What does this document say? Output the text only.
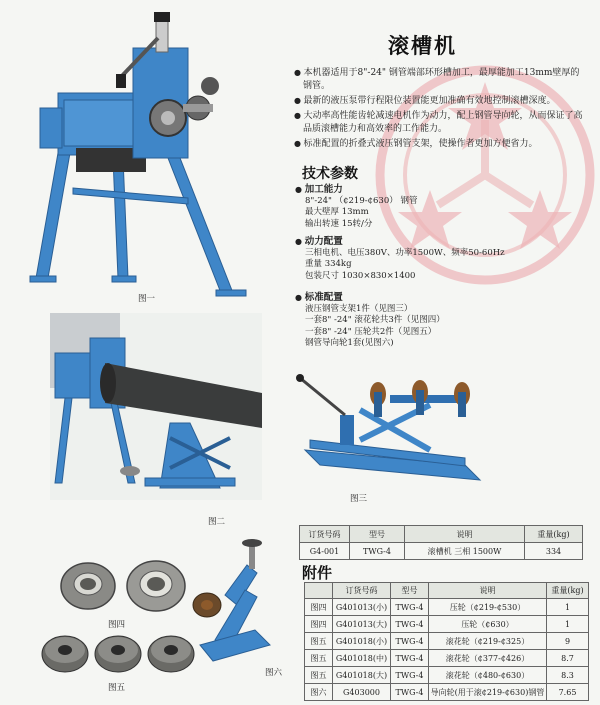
滚槽机
● 本机器适用于8"-24" 钢管端部环形槽加工，最厚能加工13mm壁厚的钢管。
● 最新的液压泵带行程限位装置能更加准确有效地控制滚槽深度。
● 大动率高性能齿轮减速电机作为动力，配上钢管导向轮，从而保证了高品质滚槽能力和高效率的工作能力。
● 标准配置的折叠式液压钢管支架，使操作者更加方便省力。
技术参数
● 加工能力
8"-24" （¢219-¢630） 钢管
最大壁厚 13mm
输出转速 15转/分
● 动力配置
三相电机、电压380V、功率1500W、频率50-60Hz
重量 334kg
包装尺寸 1030×830×1400
● 标准配置
液压钢管支架1件（见图三）
一套8" -24" 滚花轮共3件（见图四）
一套8" -24" 压轮共2件（见图五）
钢管导向轮1套(见图六)
图一
图二
图三
订货号码	型号	说明	重量(kg)
G4-001	TWG-4	滚槽机 三相 1500W	334
附件
	订货号码	型号	说明	重量(kg)
图四	G401013(小)	TWG-4	压轮（¢219-¢530）	1
图四	G401013(大)	TWG-4	压轮（¢630）	1
图五	G401018(小)	TWG-4	滚花轮（¢219-¢325）	9
图五	G401018(中)	TWG-4	滚花轮（¢377-¢426）	8.7
图五	G401018(大)	TWG-4	滚花轮（¢480-¢630）	8.3
图六	G403000	TWG-4	导向轮(用于滚¢219-¢630)钢管	7.65
图四
图五
图六
